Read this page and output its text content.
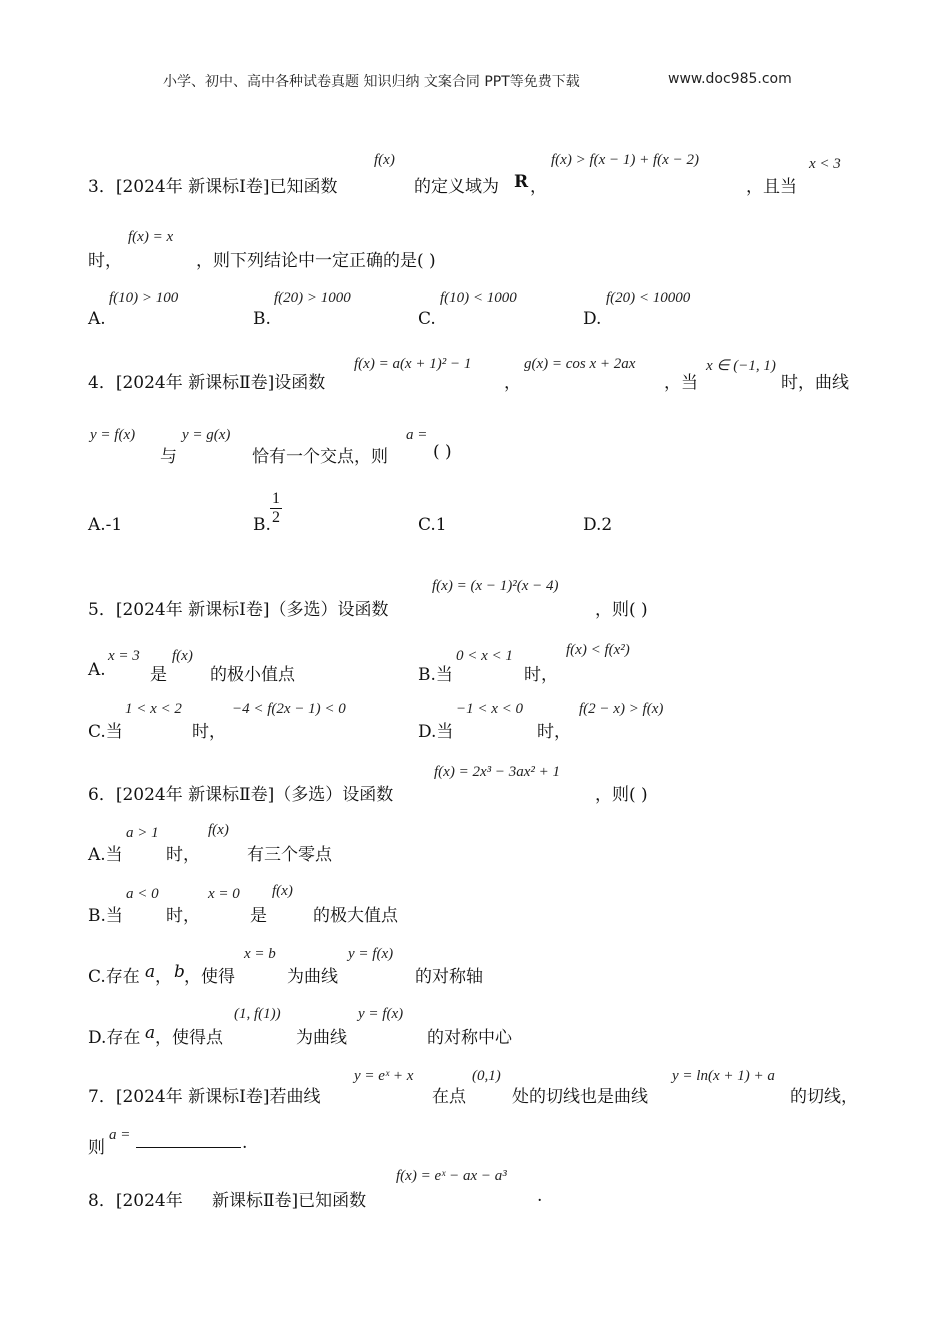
小学、初中、高中各种试卷真题 知识归纳 文案合同 PPT等免费下载	www.doc985.com
3．[2024年 新课标Ⅰ卷]已知函数
f(x)
的定义域为 R ，
f(x) > f(x − 1) + f(x − 2)
，且当
x < 3
时，
f(x) = x
，则下列结论中一定正确的是( )
A.
f(10) > 100
B.
f(20) > 1000
C.
f(10) < 1000
D.
f(20) < 10000
4．[2024年 新课标Ⅱ卷]设函数
f(x) = a(x + 1)² − 1
，
g(x) = cos x + 2ax
，当
x ∈ (−1, 1)
时，曲线
y = f(x)
与
y = g(x)
恰有一个交点，则
a =
( )
A.-1	B. $\frac{1}{2}$	C.1	D.2
5．[2024年 新课标Ⅰ卷]（多选）设函数
f(x) = (x − 1)²(x − 4)
，则( )
A.
x = 3
是
f(x)
的极小值点	B.当
0 < x < 1
时，
f(x) < f(x²)
C.当
1 < x < 2
时，
−4 < f(2x − 1) < 0
D.当
−1 < x < 0
时，
f(2 − x) > f(x)
6．[2024年 新课标Ⅱ卷]（多选）设函数
f(x) = 2x³ − 3ax² + 1
，则( )
A.当
a > 1
时，
f(x)
有三个零点
B.当
a < 0
时，
x = 0
是
f(x)
的极大值点
C.存在 a ， b ，使得
x = b
为曲线
y = f(x)
的对称轴
D.存在 a ，使得点
(1, f(1))
为曲线
y = f(x)
的对称中心
7．[2024年 新课标Ⅰ卷]若曲线
y = eˣ + x
在点
(0,1)
处的切线也是曲线
y = ln(x + 1) + a
的切线，
则
a =	.
8．[2024年 新课标Ⅱ卷]已知函数
f(x) = eˣ − ax − a³
.
